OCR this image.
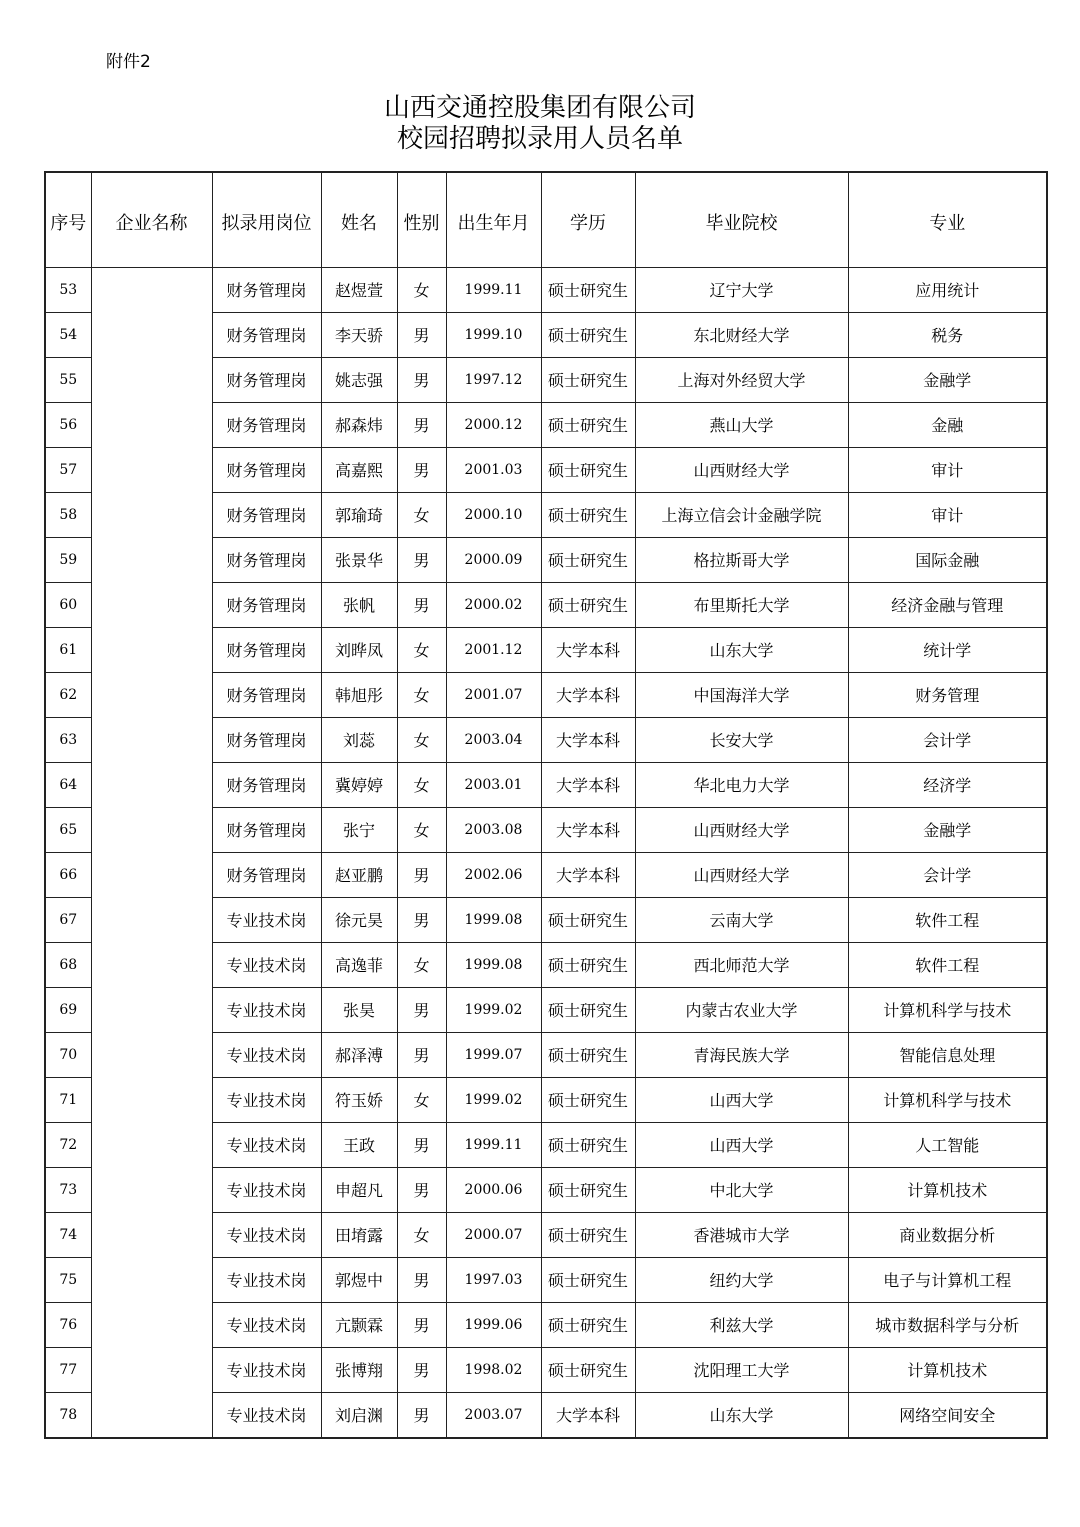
附件2
山西交通控股集团有限公司
校园招聘拟录用人员名单
序号	企业名称	拟录用岗位	姓名	性别	出生年月	学历	毕业院校	专业
53		财务管理岗	赵煜萱	女	1999.11	硕士研究生	辽宁大学	应用统计
54		财务管理岗	李天骄	男	1999.10	硕士研究生	东北财经大学	税务
55		财务管理岗	姚志强	男	1997.12	硕士研究生	上海对外经贸大学	金融学
56		财务管理岗	郝森炜	男	2000.12	硕士研究生	燕山大学	金融
57		财务管理岗	高嘉熙	男	2001.03	硕士研究生	山西财经大学	审计
58		财务管理岗	郭瑜琦	女	2000.10	硕士研究生	上海立信会计金融学院	审计
59		财务管理岗	张景华	男	2000.09	硕士研究生	格拉斯哥大学	国际金融
60		财务管理岗	张帆	男	2000.02	硕士研究生	布里斯托大学	经济金融与管理
61		财务管理岗	刘晔凤	女	2001.12	大学本科	山东大学	统计学
62		财务管理岗	韩旭彤	女	2001.07	大学本科	中国海洋大学	财务管理
63		财务管理岗	刘蕊	女	2003.04	大学本科	长安大学	会计学
64		财务管理岗	冀婷婷	女	2003.01	大学本科	华北电力大学	经济学
65		财务管理岗	张宁	女	2003.08	大学本科	山西财经大学	金融学
66		财务管理岗	赵亚鹏	男	2002.06	大学本科	山西财经大学	会计学
67		专业技术岗	徐元昊	男	1999.08	硕士研究生	云南大学	软件工程
68		专业技术岗	高逸菲	女	1999.08	硕士研究生	西北师范大学	软件工程
69		专业技术岗	张昊	男	1999.02	硕士研究生	内蒙古农业大学	计算机科学与技术
70		专业技术岗	郝泽溥	男	1999.07	硕士研究生	青海民族大学	智能信息处理
71		专业技术岗	符玉娇	女	1999.02	硕士研究生	山西大学	计算机科学与技术
72		专业技术岗	王政	男	1999.11	硕士研究生	山西大学	人工智能
73		专业技术岗	申超凡	男	2000.06	硕士研究生	中北大学	计算机技术
74		专业技术岗	田堉露	女	2000.07	硕士研究生	香港城市大学	商业数据分析
75		专业技术岗	郭煜中	男	1997.03	硕士研究生	纽约大学	电子与计算机工程
76		专业技术岗	亢颢霖	男	1999.06	硕士研究生	利兹大学	城市数据科学与分析
77		专业技术岗	张博翔	男	1998.02	硕士研究生	沈阳理工大学	计算机技术
78		专业技术岗	刘启渊	男	2003.07	大学本科	山东大学	网络空间安全
